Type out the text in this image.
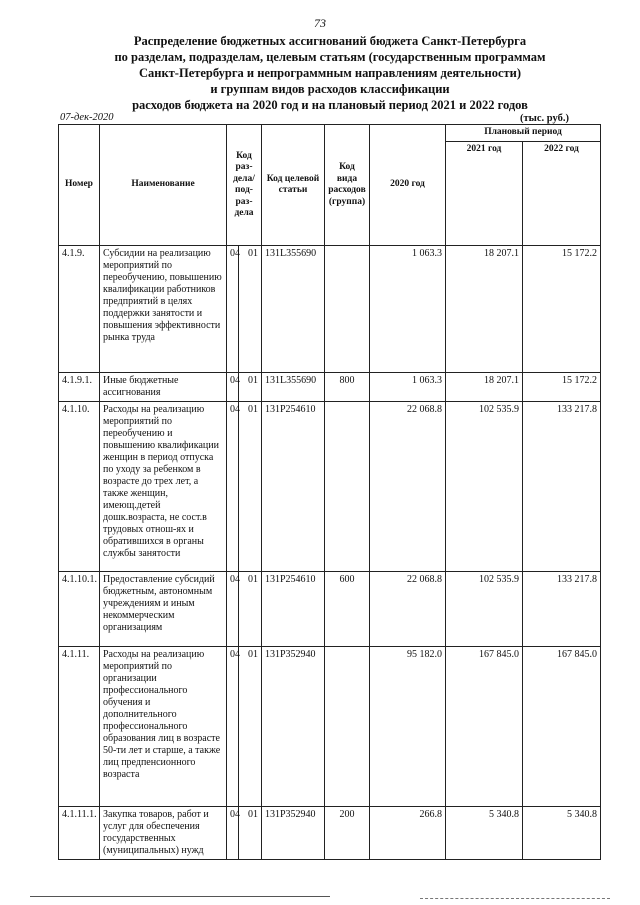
73
Распределение бюджетных ассигнований бюджета Санкт-Петербурга
по разделам, подразделам, целевым статьям (государственным программам
Санкт-Петербурга и непрограммным направлениям деятельности)
и группам видов расходов классификации
расходов бюджета на 2020 год и на плановый период 2021 и 2022 годов
07-дек-2020	(тыс. руб.)
Номер	Наименование	Код раз-дела/ под-раз-дела		Код целевой статьи	Код вида расходов (группа)	2020 год	Плановый период	
							2021 год	2022 год
4.1.9.	Субсидии на реализацию мероприятий по переобучению, повышению квалификации работников предприятий в целях поддержки занятости и повышения эффективности рынка труда	04	01	131L355690		1 063.3	18 207.1	15 172.2
4.1.9.1.	Иные бюджетные ассигнования	04	01	131L355690	800	1 063.3	18 207.1	15 172.2
4.1.10.	Расходы на реализацию мероприятий по переобучению и повышению квалификации женщин в период отпуска по уходу за ребенком в возрасте до трех лет, а также женщин, имеющ.детей дошк.возраста, не сост.в трудовых отнош-ях и обратившихся в органы службы занятости	04	01	131P254610		22 068.8	102 535.9	133 217.8
4.1.10.1.	Предоставление субсидий бюджетным, автономным учреждениям и иным некоммерческим организациям	04	01	131P254610	600	22 068.8	102 535.9	133 217.8
4.1.11.	Расходы на реализацию мероприятий по организации профессионального обучения и дополнительного профессионального образования лиц в возрасте 50-ти лет и старше, а также лиц предпенсионного возраста	04	01	131P352940		95 182.0	167 845.0	167 845.0
4.1.11.1.	Закупка товаров, работ и услуг для обеспечения государственных (муниципальных) нужд	04	01	131P352940	200	266.8	5 340.8	5 340.8
